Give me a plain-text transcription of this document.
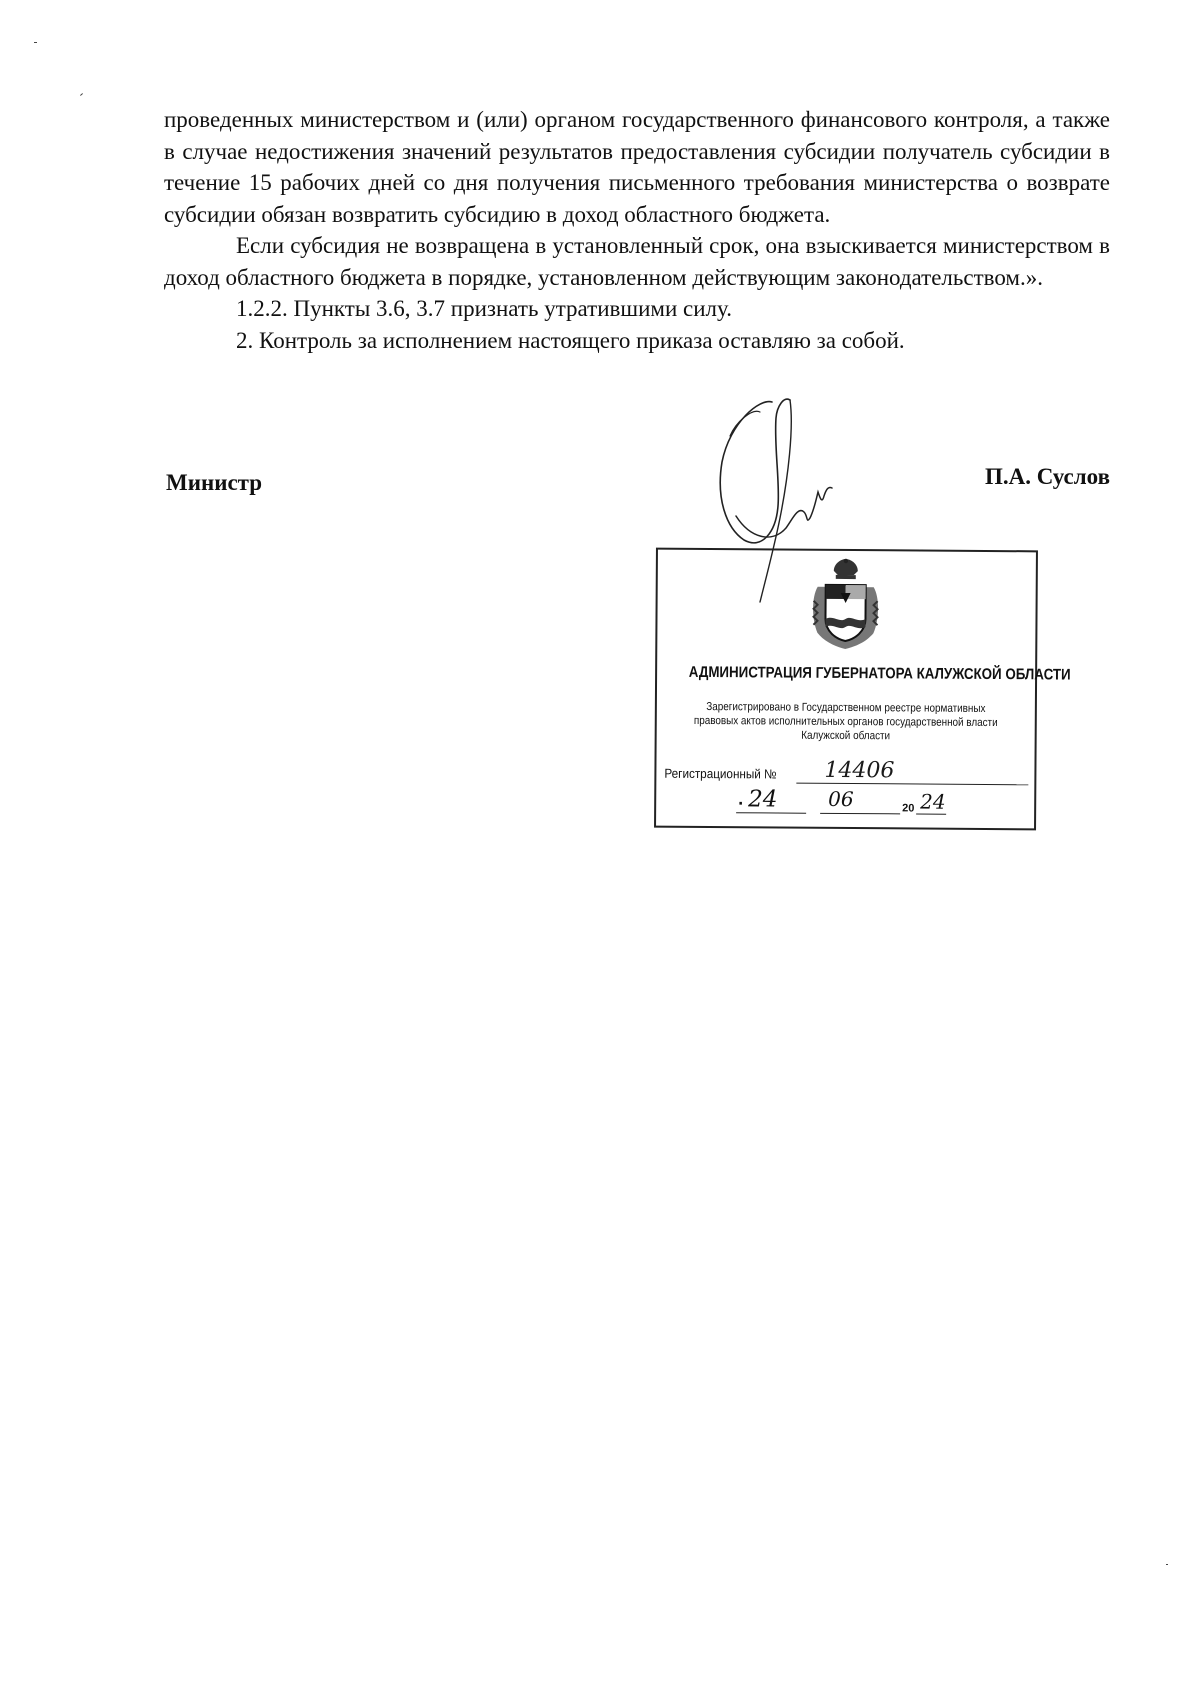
проведенных министерством и (или) органом государственного финансового контроля, а также в случае недостижения значений результатов предоставления субсидии получатель субсидии в течение 15 рабочих дней со дня получения письменного требования министерства о возврате субсидии обязан возвратить субсидию в доход областного бюджета.

Если субсидия не возвращена в установленный срок, она взыскивается министерством в доход областного бюджета в порядке, установленном действующим законодательством.».

1.2.2. Пункты 3.6, 3.7 признать утратившими силу.

2. Контроль за исполнением настоящего приказа оставляю за собой.

Министр	П.А. Суслов
АДМИНИСТРАЦИЯ ГУБЕРНАТОРА КАЛУЖСКОЙ ОБЛАСТИ
Зарегистрировано в Государственном реестре нормативных
правовых актов исполнительных органов государственной власти
Калужской области
Регистрационный № 14406
· 24	06	20 24
